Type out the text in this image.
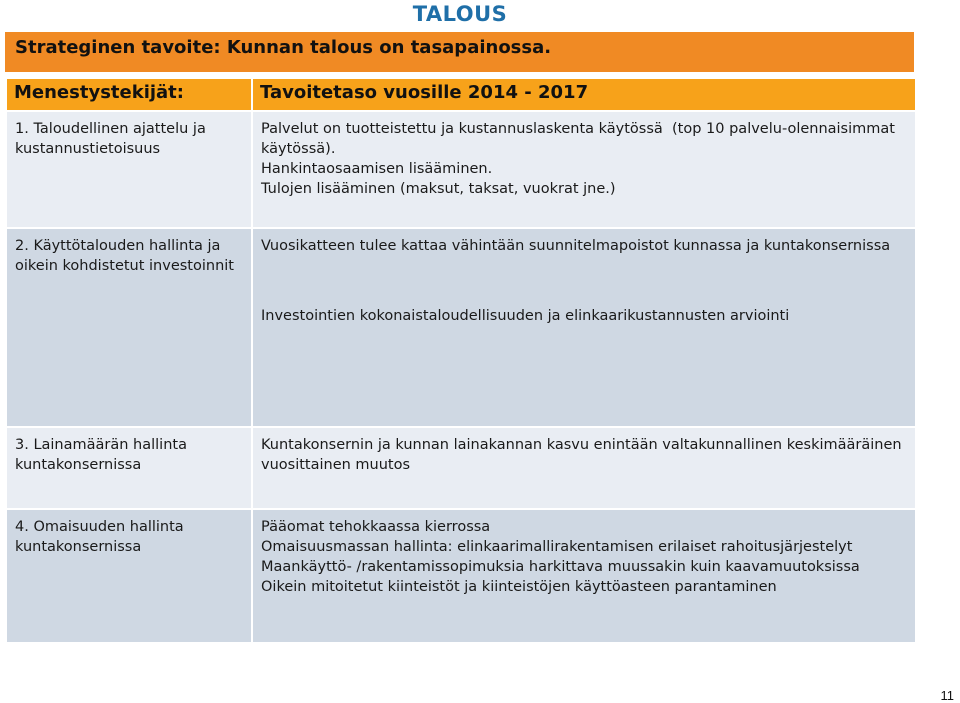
TALOUS
Strateginen tavoite: Kunnan talous on tasapainossa.
Menestystekijät:	Tavoitetaso vuosille 2014 - 2017
1. Taloudellinen ajattelu ja kustannustietoisuus	Palvelut on tuotteistettu ja kustannuslaskenta käytössä  (top 10 palvelu-olennaisimmat käytössä).
Hankintaosaamisen lisääminen.
Tulojen lisääminen (maksut, taksat, vuokrat jne.)

2. Käyttötalouden hallinta ja oikein kohdistetut investoinnit	Vuosikatteen tulee kattaa vähintään suunnitelmapoistot kunnassa ja kuntakonsernissa
Investointien kokonaistaloudellisuuden ja elinkaarikustannusten arviointi

3. Lainamäärän hallinta kuntakonsernissa	Kuntakonsernin ja kunnan lainakannan kasvu enintään valtakunnallinen keskimääräinen vuosittainen muutos

4. Omaisuuden hallinta kuntakonsernissa	Pääomat tehokkaassa kierrossa
Omaisuusmassan hallinta: elinkaarimallirakentamisen erilaiset rahoitusjärjestelyt
Maankäyttö- /rakentamissopimuksia harkittava muussakin kuin kaavamuutoksissa
Oikein mitoitetut kiinteistöt ja kiinteistöjen käyttöasteen parantaminen
11
